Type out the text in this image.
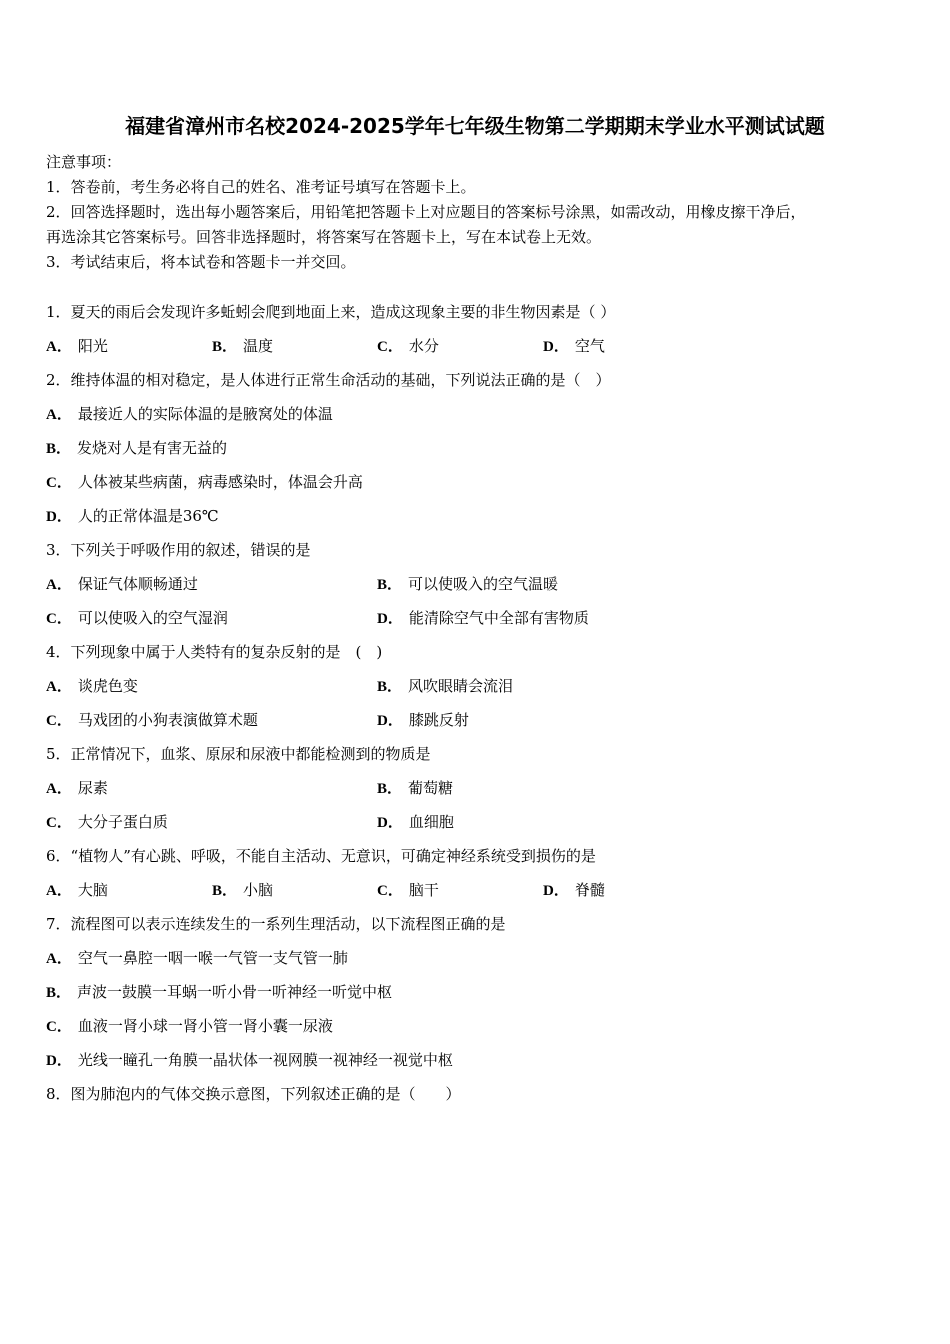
福建省漳州市名校2024-2025学年七年级生物第二学期期末学业水平测试试题
注意事项：
1．答卷前，考生务必将自己的姓名、准考证号填写在答题卡上。
2．回答选择题时，选出每小题答案后，用铅笔把答题卡上对应题目的答案标号涂黑，如需改动，用橡皮擦干净后，
再选涂其它答案标号。回答非选择题时，将答案写在答题卡上，写在本试卷上无效。
3．考试结束后，将本试卷和答题卡一并交回。
1．夏天的雨后会发现许多蚯蚓会爬到地面上来，造成这现象主要的非生物因素是（ ）
A． 阳光	B． 温度	C． 水分	D． 空气
2．维持体温的相对稳定，是人体进行正常生命活动的基础，下列说法正确的是（　）
A． 最接近人的实际体温的是腋窝处的体温
B． 发烧对人是有害无益的
C． 人体被某些病菌，病毒感染时，体温会升高
D． 人的正常体温是36℃
3．下列关于呼吸作用的叙述，错误的是
A． 保证气体顺畅通过	B． 可以使吸入的空气温暖
C． 可以使吸入的空气湿润	D． 能清除空气中全部有害物质
4．下列现象中属于人类特有的复杂反射的是　(　)
A． 谈虎色变	B． 风吹眼睛会流泪
C． 马戏团的小狗表演做算术题	D． 膝跳反射
5．正常情况下，血浆、原尿和尿液中都能检测到的物质是
A． 尿素	B． 葡萄糖
C． 大分子蛋白质	D． 血细胞
6．“植物人”有心跳、呼吸，不能自主活动、无意识，可确定神经系统受到损伤的是
A． 大脑	B． 小脑	C． 脑干	D． 脊髓
7．流程图可以表示连续发生的一系列生理活动，以下流程图正确的是
A． 空气一鼻腔一咽一喉一气管一支气管一肺
B． 声波一鼓膜一耳蜗一听小骨一听神经一听觉中枢
C． 血液一肾小球一肾小管一肾小囊一尿液
D． 光线一瞳孔一角膜一晶状体一视网膜一视神经一视觉中枢
8．图为肺泡内的气体交换示意图，下列叙述正确的是（　　）
